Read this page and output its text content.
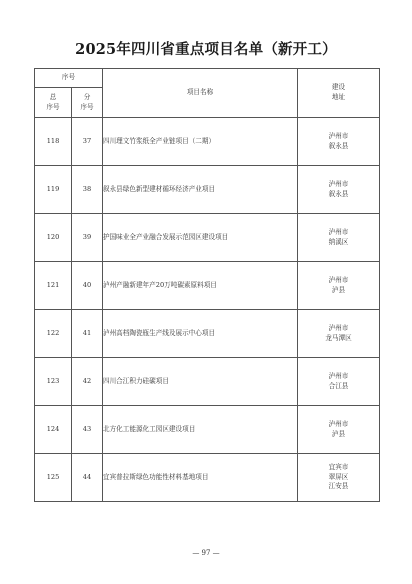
2025年四川省重点项目名单（新开工）
序号		项目名称	建设
地址

总
序号	分
序号		

118	37	四川理文竹浆纸全产业链项目（二期）	泸州市
叙永县

119	38	叙永县绿色新型建材循环经济产业项目	泸州市
叙永县

120	39	护国味业全产业融合发展示范园区建设项目	泸州市
纳溪区

121	40	泸州产融新建年产20万吨碳素原料项目	泸州市
泸县

122	41	泸州高档陶瓷瓶生产线及展示中心项目	泸州市
龙马潭区

123	42	四川合江积力硅碳项目	泸州市
合江县

124	43	北方化工能源化工园区建设项目	泸州市
泸县

125	44	宜宾普拉斯绿色功能性材料基地项目	宜宾市
翠屏区
江安县
— 97 —
